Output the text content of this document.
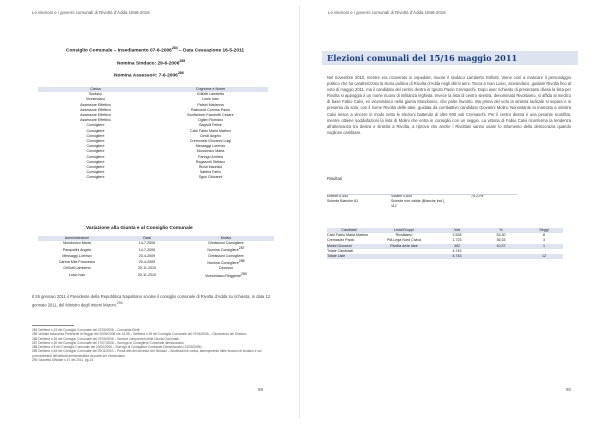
Le elezioni e i governi comunali di Rivolta d’Adda 1946-2016
Consiglio Comunale – Insediamento 07-6-2006$^{284}$ – Data Cessazione 16-5-2011
Nomina Sindaco: 29-6-2006$^{285}$
Nomina Assessori: 7-6-2006$^{286}$
Carica	Cognome e Nome
Sindaco	Grillotti Lamberto
Vicesindaco	Losio Ivan
Assessore Effettivo	Patrini Marianna
Assessore Effettivo	Raimondi Corinne Paolo
Assessore Effettivo	Bonfichiner Facchetti Cesare
Assessore Effettivo	Oglieri Romano
Consigliere	Bagnoli Felice
Consigliere	Calvi Fabio Maria Martino
Consigliere	Cirtoli Angelo
Consigliere	Cremonesi Giovanni Luigi
Consigliere	Messaggi Lorenzo
Consigliere	Mondonico Marta
Consigliere	Panogo Andrea
Consigliere	Regazzoli Stefano
Consigliere	Ricidi Maurizio
Consigliere	Sabbia Fabio
Consigliere	Sgroi Giovanni
Variazione alla Giunta e al Consiglio Comunale
Amministratore	Data	Motivo
Mondonico Marta	14-7-2006	Dimissioni Consigliere
Pasqualini Angelo	14-7-2006	Nomina Consigliere$^{287}$
Messaggi Lorenzo	20-4-2009	Dimissioni Consigliere
Carera Mila Francesco	20-4-2009	Nomina Consigliere$^{288}$
Grillotti Lamberto	20-11-2010	Decesso
Losio Ivan	20-11-2010	Vicesindaco Reggente$^{289}$
Il 26 gennaio 2011 il Presidente della Repubblica Napolitano sciolse il consiglio comunale di Rivolta d’Adda su richiesta, in data 12 gennaio 2011, del Ministro degli Interni Maroni.$^{290}$
284 Delibera n.24 del Consiglio Comunale del 07/06/2006 – Convalida Eletti.
285 Verbale Adunanza Presidenti di Seggio del 29/05/2006 ore 16,55 – Delibera n.25 del Consiglio Comunale del 07/06/2006 – Giuramento del Sindaco.
286 Delibera n.26 del Consiglio Comunale del 07/06/2006 – Nomine componenti della Giunta Comunale.
287 Delibera n.30 del Consiglio Comunale del 17/07/2006 – Surroga di Consigliere Comunale dimissionario.
288 Delibera n.8 del Consiglio Comunale del 20/04/2009 – Surroga di Consigliere Comunale Dimissionario (13/03/2009).
289 Delibera n.54 del Consiglio Comunale del 29/11/2010 – Presa atto del decesso del Sindaco – Accettazione carica, adempimento delle funzioni di sindaco e sui provvedimenti dell’attività amministrativa da parte del Vicesindaco.
290 Gazzetta Ufficiale n.37 del 2011, pg.13.
89
Le elezioni e i governi comunali di Rivolta d’Adda 1946-2016
Elezioni comunali del 15/16 maggio 2011
Nel novembre 2010, mentre era ricoverato in ospedale, muore il sindaco Lamberto Grillotti. Viene così a mancare il personaggio politico che ha caratterizzato la storia politica di Rivolta d’Adda negli ultimi anni. Tocca a Ivan Losio, vicesindaco, guidare Rivolta fino al voto di maggio 2011, ma il candidato del centro destra in Ignoto Paolo Cremaschi. Dopo aver richiesto di presentarsi divisa la lista per Rivolta si appoggia a un nome nuovo di militanza leghista. Invece la lista di centro sinistra, denominata Rivoltiamo, si affida al medico di base Fabio Calvi, ex vicesindaco nella giunta Mondonico, che parte favorito. Ma prima del voto la sinistra radicale si separa e si presenta da sola, con il nome Rivolta delle Idee, guidata da combattivo candidato Giovanni Molini. Nonostante la mancata a sinistra Calvi riesce a vincere in modo netto le elezioni battendo di oltre 800 voti Cremaschi. Per il centro destra è una pesante sconfitta, mentre ottiene soddisfazioni la lista di Molini che entra in consiglio con un seggio. La vittoria di Fabio Calvi riconferma la tendenza all’alternanza tra destra e sinistra a Rivolta, a riprova che anche i Rivoltani sanno usare lo strumento della democrazia quando vogliono cambiare.
Risultati
Elettori 6.455	Votanti 4.855	75,21%
Schede Bianche 81	Schede non valide (Bianche incl.)	
	112	
Candidati	Lista/Gruppi	Voti	%	Seggi
Calvi Fabio Maria Martino	Rivoltiamo	2.528	53,30	8
Cremaschi Paolo	Pdl-Lega Nord Civica	1.723	36,33	3
Molini Giovanni	Rivolta delle Idee	492	10,37	1

Totale Candidati		4.743		
Totale Liste		4.743		12
90
